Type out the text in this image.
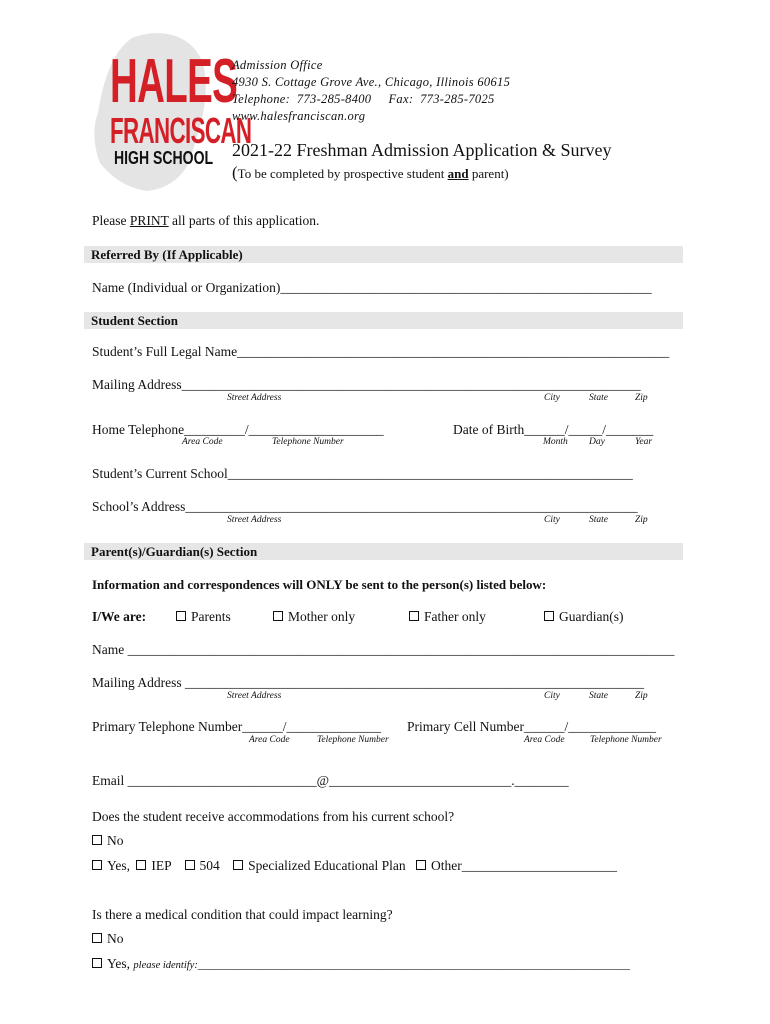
HALES
FRANCISCAN
HIGH SCHOOL
Admission Office
4930 S. Cottage Grove Ave., Chicago, Illinois 60615
Telephone:  773-285-8400     Fax:  773-285-7025
www.halesfranciscan.org
2021-22 Freshman Admission Application & Survey
(To be completed by prospective student and parent)
Please PRINT all parts of this application.
Referred By (If Applicable)
Name (Individual or Organization)_______________________________________________________
Student Section
Student’s Full Legal Name________________________________________________________________
Mailing Address____________________________________________________________________
Street Address	City	State	Zip
Home Telephone_________/____________________
Area Code	Telephone Number
Date of Birth______/_____/_______
Month Day	Year
Student’s Current School____________________________________________________________
School’s Address___________________________________________________________________
Street Address	City	State	Zip
Parent(s)/Guardian(s) Section
Information and correspondences will ONLY be sent to the person(s) listed below:
I/We are:	Parents	Mother only	Father only	Guardian(s)
Name _________________________________________________________________________________
Mailing Address ____________________________________________________________________
Street Address	City	State	Zip
Primary Telephone Number______/______________
Area Code	Telephone Number
Primary Cell Number______/_____________
Area Code	Telephone Number
Email ____________________________@___________________________.________
Does the student receive accommodations from his current school?
No
Yes, IEP 504 Specialized Educational Plan Other_______________________
Is there a medical condition that could impact learning?
No
Yes, please identify:________________________________________________________________________
